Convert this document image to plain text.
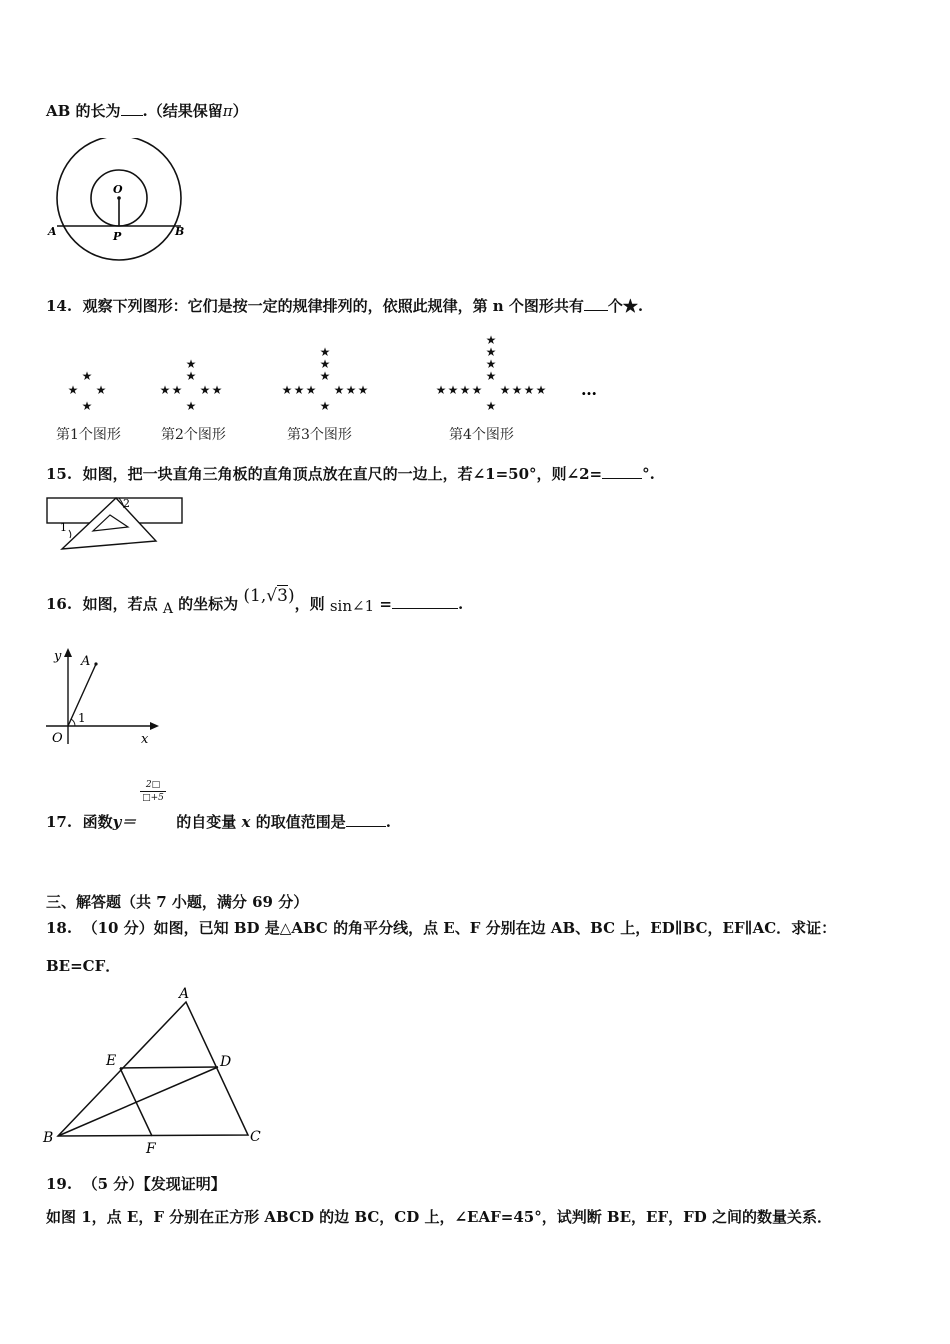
AB 的长为 .（结果保留π）
O
P
A	B
14. 观察下列图形：它们是按一定的规律排列的，依照此规律，第 n 个图形共有 个★.
★ ★
★
★
★ ★
★
★	★
★
★
★ ★
★
★	★
★
★	★
★
★
★ ★
★
★	★
★
★	★
★
★	★
★
★
第1个图形	第2个图形	第3个图形	第4个图形
…
15. 如图，把一块直角三角板的直角顶点放在直尺的一边上，若∠1=50°，则∠2=	°.
1
2
16. 如图，若点 A 的坐标为 (1,√3)，则 sin∠1 =	.
y
x
O
A
1
$\frac{2□}{□+5}$
17. 函数y＝	的自变量 x 的取值范围是	.
三、解答题（共 7 小题，满分 69 分）
18. （10 分）如图，已知 BD 是△ABC 的角平分线，点 E、F 分别在边 AB、BC 上，ED∥BC，EF∥AC．求证：
BE=CF．
A
B	C
D
E
F
19. （5 分）【发现证明】
如图 1，点 E，F 分别在正方形 ABCD 的边 BC，CD 上，∠EAF=45°，试判断 BE，EF，FD 之间的数量关系．
